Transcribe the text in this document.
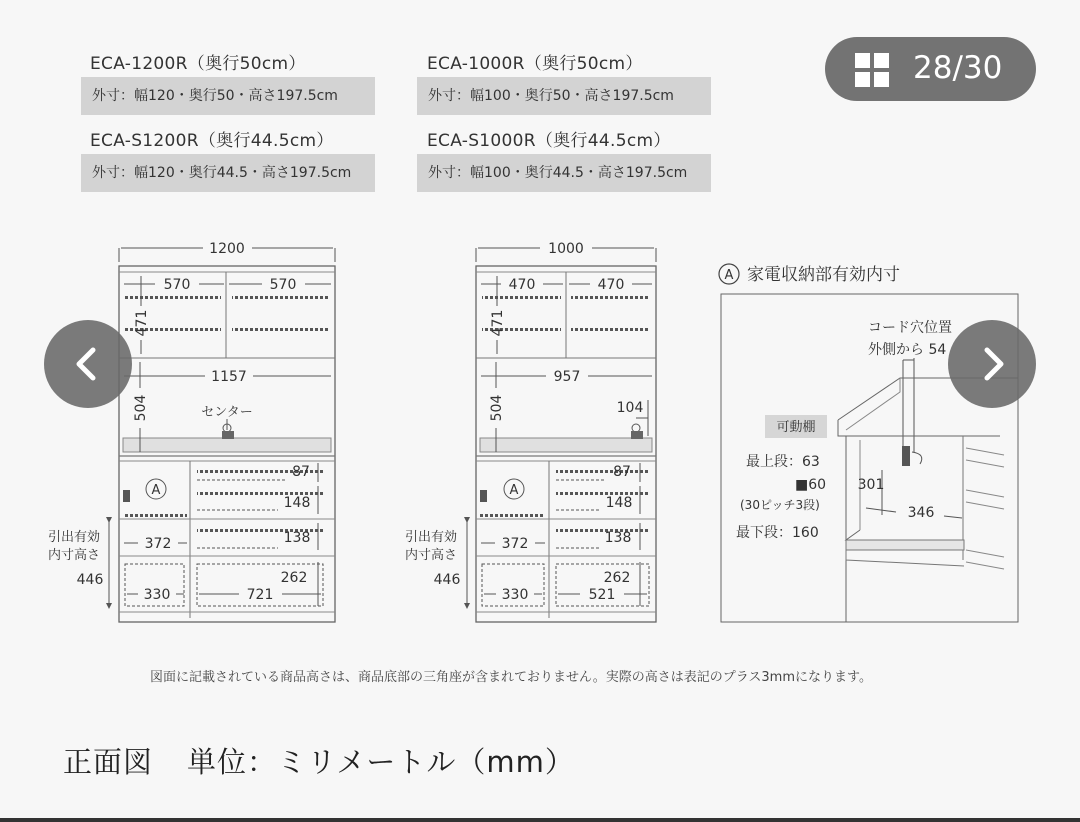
ECA-1200R（奥行50cm）
外寸：幅120・奥行50・高さ197.5cm
ECA-1000R（奥行50cm）
外寸：幅100・奥行50・高さ197.5cm
ECA-S1200R（奥行44.5cm）
外寸：幅120・奥行44.5・高さ197.5cm
ECA-S1000R（奥行44.5cm）
外寸：幅100・奥行44.5・高さ197.5cm
28/30
1200
570	570
471
1157
504	センター
A
87
148
138
262
721
372
330
引出有効
内寸高さ
446
1000
470	470
471
957
504	104
A
87
148
138
262
521
372
330
引出有効
内寸高さ
446
A 家電収納部有効内寸
コード穴位置
外側から 54
301
346
可動棚
最上段：63
■60
(30ピッチ3段)
最下段：160
図面に記載されている商品高さは、商品底部の三角座が含まれておりません。実際の高さは表記のプラス3mmになります。
正面図 単位：ミリメートル（mm）
